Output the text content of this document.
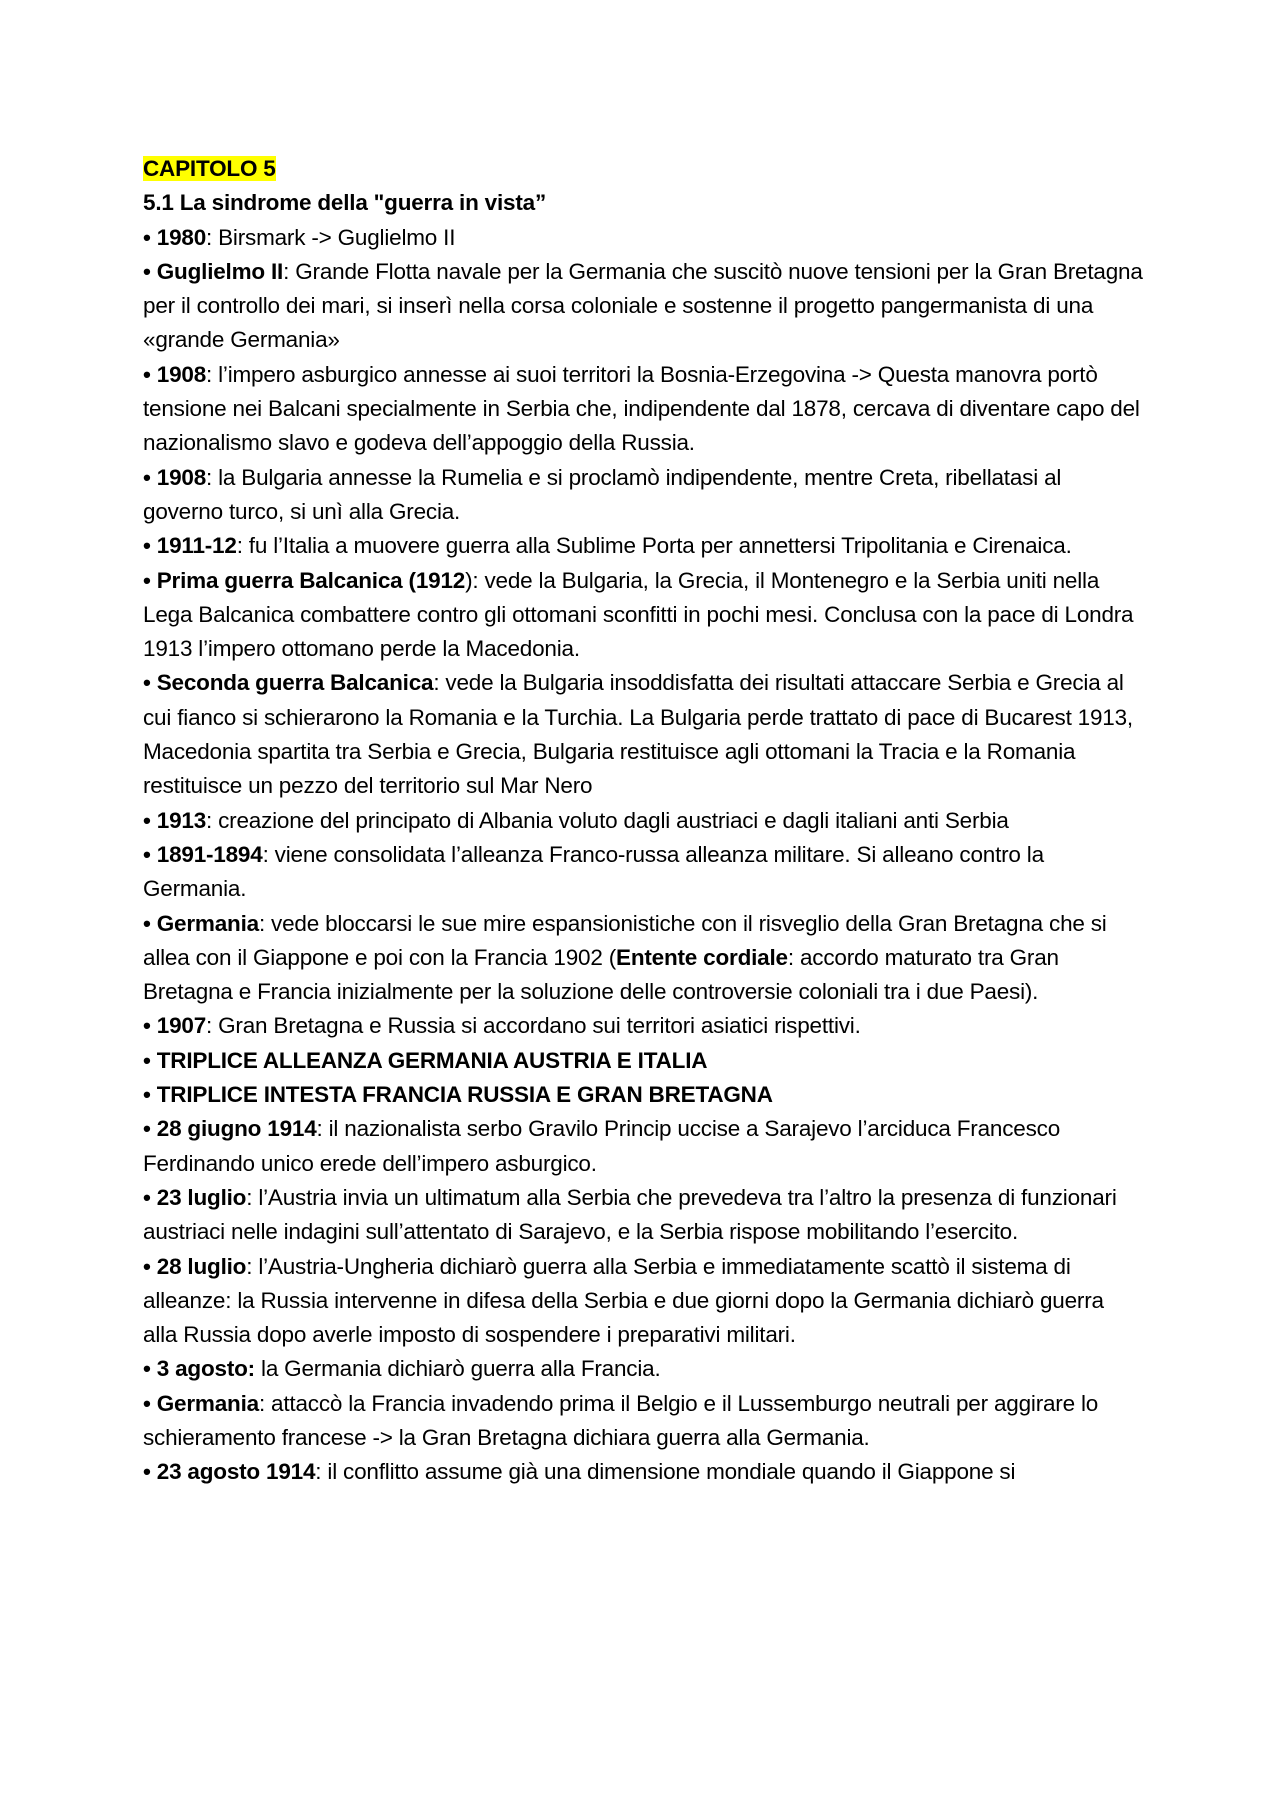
CAPITOLO 5

5.1 La sindrome della "guerra in vista”

• 1980: Birsmark -> Guglielmo II

• Guglielmo II: Grande Flotta navale per la Germania che suscitò nuove tensioni per la Gran Bretagna per il controllo dei mari, si inserì nella corsa coloniale e sostenne il progetto pangermanista di una «grande Germania»

• 1908: l’impero asburgico annesse ai suoi territori la Bosnia-Erzegovina -> Questa manovra portò tensione nei Balcani specialmente in Serbia che, indipendente dal 1878, cercava di diventare capo del nazionalismo slavo e godeva dell’appoggio della Russia.

• 1908: la Bulgaria annesse la Rumelia e si proclamò indipendente, mentre Creta, ribellatasi al governo turco, si unì alla Grecia.

• 1911-12: fu l’Italia a muovere guerra alla Sublime Porta per annettersi Tripolitania e Cirenaica.

• Prima guerra Balcanica (1912): vede la Bulgaria, la Grecia, il Montenegro e la Serbia uniti nella Lega Balcanica combattere contro gli ottomani sconfitti in pochi mesi. Conclusa con la pace di Londra 1913 l’impero ottomano perde la Macedonia.

• Seconda guerra Balcanica: vede la Bulgaria insoddisfatta dei risultati attaccare Serbia e Grecia al cui fianco si schierarono la Romania e la Turchia. La Bulgaria perde trattato di pace di Bucarest 1913, Macedonia spartita tra Serbia e Grecia, Bulgaria restituisce agli ottomani la Tracia e la Romania restituisce un pezzo del territorio sul Mar Nero

• 1913: creazione del principato di Albania voluto dagli austriaci e dagli italiani anti Serbia

• 1891-1894: viene consolidata l’alleanza Franco-russa alleanza militare. Si alleano contro la Germania.

• Germania: vede bloccarsi le sue mire espansionistiche con il risveglio della Gran Bretagna che si allea con il Giappone e poi con la Francia 1902 (Entente cordiale: accordo maturato tra Gran Bretagna e Francia inizialmente per la soluzione delle controversie coloniali tra i due Paesi).

• 1907: Gran Bretagna e Russia si accordano sui territori asiatici rispettivi.

• TRIPLICE ALLEANZA GERMANIA AUSTRIA E ITALIA

• TRIPLICE INTESTA FRANCIA RUSSIA E GRAN BRETAGNA

• 28 giugno 1914: il nazionalista serbo Gravilo Princip uccise a Sarajevo l’arciduca Francesco Ferdinando unico erede dell’impero asburgico.

• 23 luglio: l’Austria invia un ultimatum alla Serbia che prevedeva tra l’altro la presenza di funzionari austriaci nelle indagini sull’attentato di Sarajevo, e la Serbia rispose mobilitando l’esercito.

• 28 luglio: l’Austria-Ungheria dichiarò guerra alla Serbia e immediatamente scattò il sistema di alleanze: la Russia intervenne in difesa della Serbia e due giorni dopo la Germania dichiarò guerra alla Russia dopo averle imposto di sospendere i preparativi militari.

• 3 agosto: la Germania dichiarò guerra alla Francia.

• Germania: attaccò la Francia invadendo prima il Belgio e il Lussemburgo neutrali per aggirare lo schieramento francese -> la Gran Bretagna dichiara guerra alla Germania.

• 23 agosto 1914: il conflitto assume già una dimensione mondiale quando il Giappone si
